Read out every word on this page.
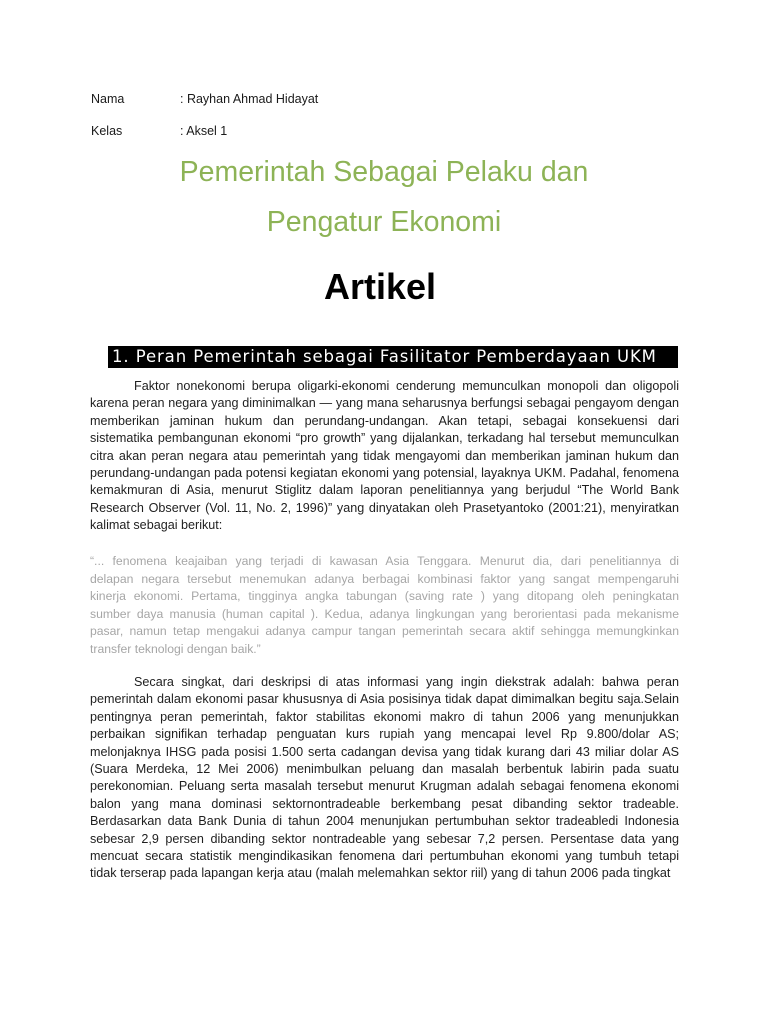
Nama	: Rayhan Ahmad Hidayat
Kelas	: Aksel 1
Pemerintah Sebagai Pelaku dan
Pengatur Ekonomi
Artikel
1. Peran Pemerintah sebagai Fasilitator Pemberdayaan UKM
Faktor nonekonomi berupa oligarki-ekonomi cenderung memunculkan monopoli dan oligopoli
karena peran negara yang diminimalkan — yang mana seharusnya berfungsi sebagai pengayom dengan
memberikan jaminan hukum dan perundang-undangan. Akan tetapi, sebagai konsekuensi dari
sistematika pembangunan ekonomi “pro growth” yang dijalankan, terkadang hal tersebut memunculkan
citra akan peran negara atau pemerintah yang tidak mengayomi dan memberikan jaminan hukum dan
perundang-undangan pada potensi kegiatan ekonomi yang potensial, layaknya UKM. Padahal, fenomena
kemakmuran di Asia, menurut Stiglitz dalam laporan penelitiannya yang berjudul “The World Bank
Research Observer (Vol. 11, No. 2, 1996)” yang dinyatakan oleh Prasetyantoko (2001:21), menyiratkan
kalimat sebagai berikut:
“... fenomena keajaiban yang terjadi di kawasan Asia Tenggara. Menurut dia, dari penelitiannya di
delapan negara tersebut menemukan adanya berbagai kombinasi faktor yang sangat mempengaruhi
kinerja ekonomi. Pertama, tingginya angka tabungan (saving rate ) yang ditopang oleh peningkatan
sumber daya manusia (human capital ). Kedua, adanya lingkungan yang berorientasi pada mekanisme
pasar, namun tetap mengakui adanya campur tangan pemerintah secara aktif sehingga memungkinkan
transfer teknologi dengan baik.”
Secara singkat, dari deskripsi di atas informasi yang ingin diekstrak adalah: bahwa peran
pemerintah dalam ekonomi pasar khususnya di Asia posisinya tidak dapat dimimalkan begitu saja.Selain
pentingnya peran pemerintah, faktor stabilitas ekonomi makro di tahun 2006 yang menunjukkan
perbaikan signifikan terhadap penguatan kurs rupiah yang mencapai level Rp 9.800/dolar AS;
melonjaknya IHSG pada posisi 1.500 serta cadangan devisa yang tidak kurang dari 43 miliar dolar AS
(Suara Merdeka, 12 Mei 2006) menimbulkan peluang dan masalah berbentuk labirin pada suatu
perekonomian. Peluang serta masalah tersebut menurut Krugman adalah sebagai fenomena ekonomi
balon yang mana dominasi sektornontradeable berkembang pesat dibanding sektor tradeable.
Berdasarkan data Bank Dunia di tahun 2004 menunjukan pertumbuhan sektor tradeabledi Indonesia
sebesar 2,9 persen dibanding sektor nontradeable yang sebesar 7,2 persen. Persentase data yang
mencuat secara statistik mengindikasikan fenomena dari pertumbuhan ekonomi yang tumbuh tetapi
tidak terserap pada lapangan kerja atau (malah melemahkan sektor riil) yang di tahun 2006 pada tingkat
